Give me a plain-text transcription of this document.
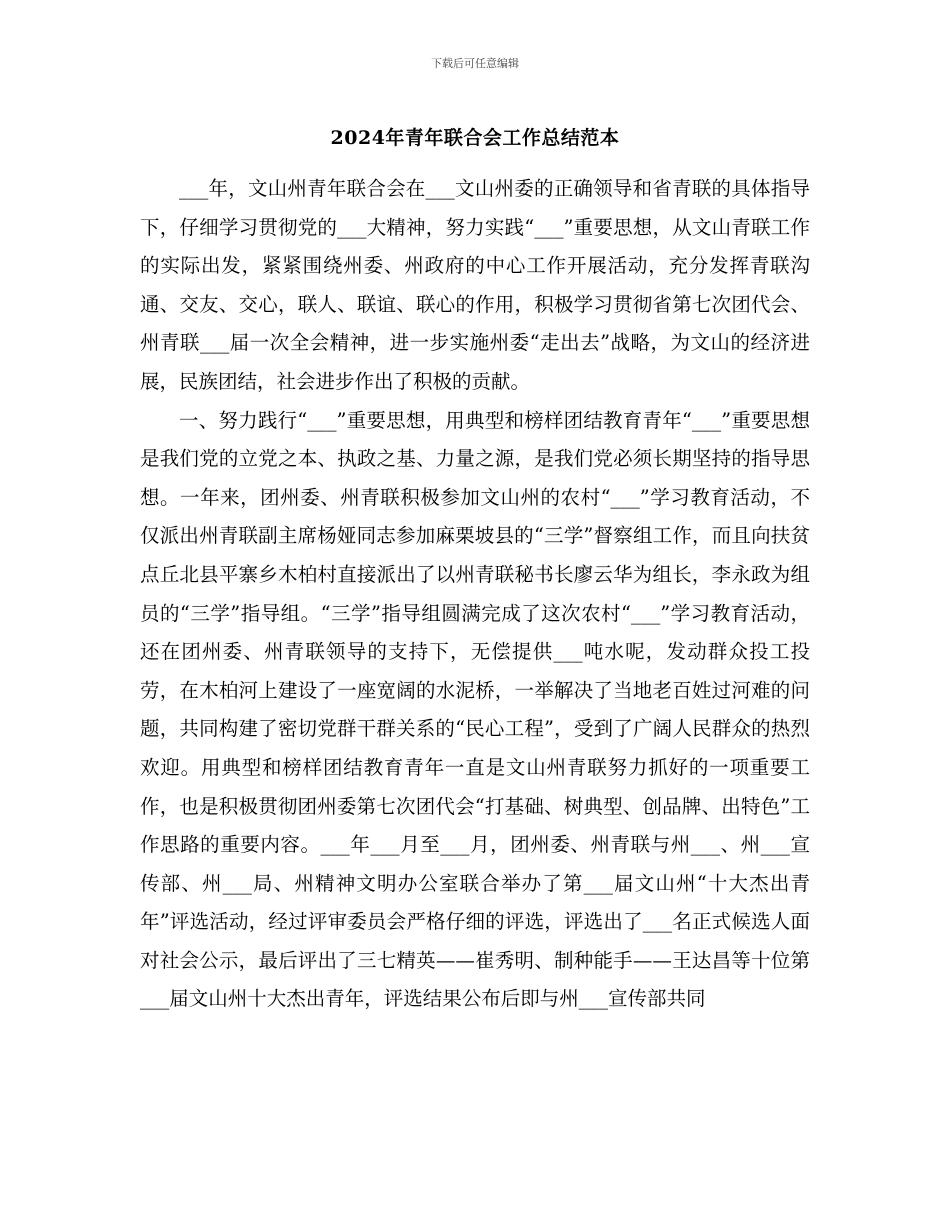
下载后可任意编辑
2024年青年联合会工作总结范本

___年，文山州青年联合会在___文山州委的正确领导和省青联的具体指导下，仔细学习贯彻党的___大精神，努力实践“___”重要思想，从文山青联工作的实际出发，紧紧围绕州委、州政府的中心工作开展活动，充分发挥青联沟通、交友、交心，联人、联谊、联心的作用，积极学习贯彻省第七次团代会、州青联___届一次全会精神，进一步实施州委“走出去”战略，为文山的经济进展，民族团结，社会进步作出了积极的贡献。

一、努力践行“___”重要思想，用典型和榜样团结教育青年“___”重要思想是我们党的立党之本、执政之基、力量之源，是我们党必须长期坚持的指导思想。一年来，团州委、州青联积极参加文山州的农村“___”学习教育活动，不仅派出州青联副主席杨娅同志参加麻栗坡县的“三学”督察组工作，而且向扶贫点丘北县平寨乡木柏村直接派出了以州青联秘书长廖云华为组长，李永政为组员的“三学”指导组。“三学”指导组圆满完成了这次农村“___”学习教育活动，还在团州委、州青联领导的支持下，无偿提供___吨水呢，发动群众投工投劳，在木柏河上建设了一座宽阔的水泥桥，一举解决了当地老百姓过河难的问题，共同构建了密切党群干群关系的“民心工程”，受到了广阔人民群众的热烈欢迎。用典型和榜样团结教育青年一直是文山州青联努力抓好的一项重要工作，也是积极贯彻团州委第七次团代会“打基础、树典型、创品牌、出特色”工作思路的重要内容。___年___月至___月，团州委、州青联与州___、州___宣传部、州___局、州精神文明办公室联合举办了第___届文山州“十大杰出青年”评选活动，经过评审委员会严格仔细的评选，评选出了___名正式候选人面对社会公示，最后评出了三七精英——崔秀明、制种能手——王达昌等十位第___届文山州十大杰出青年，评选结果公布后即与州___宣传部共同
